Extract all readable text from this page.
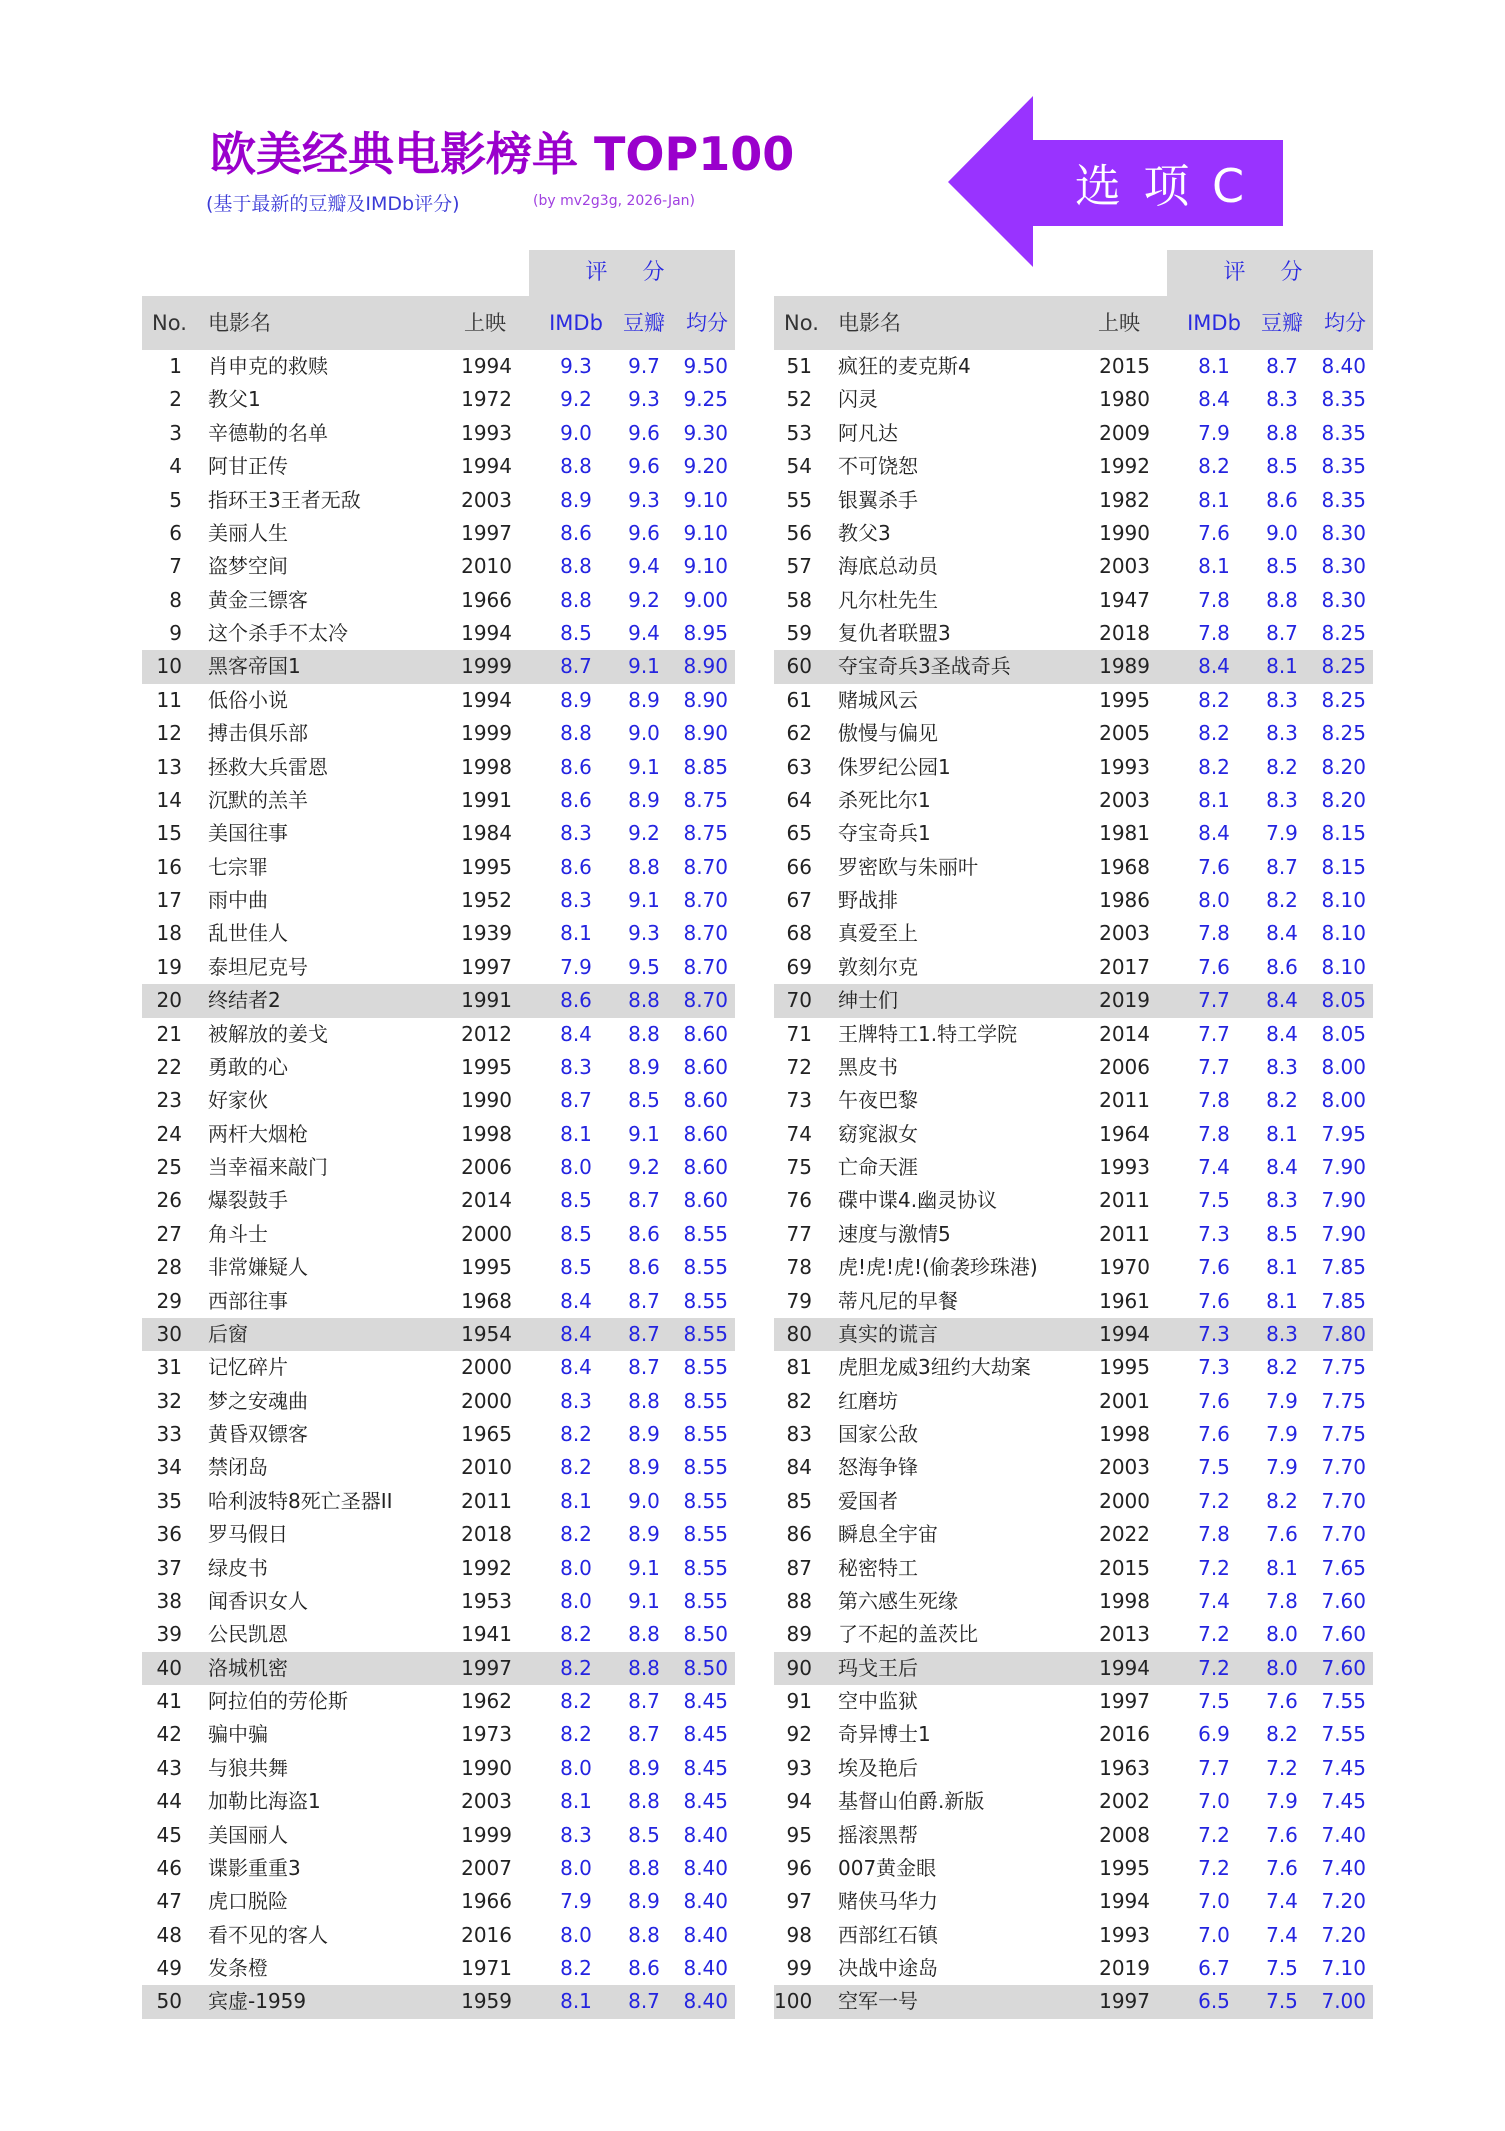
欧美经典电影榜单 TOP100
(基于最新的豆瓣及IMDb评分)	(by mv2g3g, 2026-Jan)	选 项 C
评 分
No. 电影名	上映 IMDb 豆瓣	均分
1 肖申克的救赎	1994	9.3	9.7	9.50
2 教父1	1972	9.2	9.3	9.25
3 辛德勒的名单	1993	9.0	9.6	9.30
4 阿甘正传	1994	8.8	9.6	9.20
5 指环王3王者无敌	2003	8.9	9.3	9.10
6 美丽人生	1997	8.6	9.6	9.10
7 盗梦空间	2010	8.8	9.4	9.10
8 黄金三镖客	1966	8.8	9.2	9.00
9 这个杀手不太冷	1994	8.5	9.4	8.95
10 黑客帝国1	1999	8.7	9.1	8.90
11 低俗小说	1994	8.9	8.9	8.90
12 搏击俱乐部	1999	8.8	9.0	8.90
13 拯救大兵雷恩	1998	8.6	9.1	8.85
14 沉默的羔羊	1991	8.6	8.9	8.75
15 美国往事	1984	8.3	9.2	8.75
16 七宗罪	1995	8.6	8.8	8.70
17 雨中曲	1952	8.3	9.1	8.70
18 乱世佳人	1939	8.1	9.3	8.70
19 泰坦尼克号	1997	7.9	9.5	8.70
20 终结者2	1991	8.6	8.8	8.70
21 被解放的姜戈	2012	8.4	8.8	8.60
22 勇敢的心	1995	8.3	8.9	8.60
23 好家伙	1990	8.7	8.5	8.60
24 两杆大烟枪	1998	8.1	9.1	8.60
25 当幸福来敲门	2006	8.0	9.2	8.60
26 爆裂鼓手	2014	8.5	8.7	8.60
27 角斗士	2000	8.5	8.6	8.55
28 非常嫌疑人	1995	8.5	8.6	8.55
29 西部往事	1968	8.4	8.7	8.55
30 后窗	1954	8.4	8.7	8.55
31 记忆碎片	2000	8.4	8.7	8.55
32 梦之安魂曲	2000	8.3	8.8	8.55
33 黄昏双镖客	1965	8.2	8.9	8.55
34 禁闭岛	2010	8.2	8.9	8.55
35 哈利波特8死亡圣器II	2011	8.1	9.0	8.55
36 罗马假日	2018	8.2	8.9	8.55
37 绿皮书	1992	8.0	9.1	8.55
38 闻香识女人	1953	8.0	9.1	8.55
39 公民凯恩	1941	8.2	8.8	8.50
40 洛城机密	1997	8.2	8.8	8.50
41 阿拉伯的劳伦斯	1962	8.2	8.7	8.45
42 骗中骗	1973	8.2	8.7	8.45
43 与狼共舞	1990	8.0	8.9	8.45
44 加勒比海盗1	2003	8.1	8.8	8.45
45 美国丽人	1999	8.3	8.5	8.40
46 谍影重重3	2007	8.0	8.8	8.40
47 虎口脱险	1966	7.9	8.9	8.40
48 看不见的客人	2016	8.0	8.8	8.40
49 发条橙	1971	8.2	8.6	8.40
50 宾虚-1959	1959	8.1	8.7	8.40
评 分
No. 电影名	上映 IMDb 豆瓣	均分
51 疯狂的麦克斯4	2015	8.1	8.7	8.40
52 闪灵	1980	8.4	8.3	8.35
53 阿凡达	2009	7.9	8.8	8.35
54 不可饶恕	1992	8.2	8.5	8.35
55 银翼杀手	1982	8.1	8.6	8.35
56 教父3	1990	7.6	9.0	8.30
57 海底总动员	2003	8.1	8.5	8.30
58 凡尔杜先生	1947	7.8	8.8	8.30
59 复仇者联盟3	2018	7.8	8.7	8.25
60 夺宝奇兵3圣战奇兵	1989	8.4	8.1	8.25
61 赌城风云	1995	8.2	8.3	8.25
62 傲慢与偏见	2005	8.2	8.3	8.25
63 侏罗纪公园1	1993	8.2	8.2	8.20
64 杀死比尔1	2003	8.1	8.3	8.20
65 夺宝奇兵1	1981	8.4	7.9	8.15
66 罗密欧与朱丽叶	1968	7.6	8.7	8.15
67 野战排	1986	8.0	8.2	8.10
68 真爱至上	2003	7.8	8.4	8.10
69 敦刻尔克	2017	7.6	8.6	8.10
70 绅士们	2019	7.7	8.4	8.05
71 王牌特工1.特工学院	2014	7.7	8.4	8.05
72 黑皮书	2006	7.7	8.3	8.00
73 午夜巴黎	2011	7.8	8.2	8.00
74 窈窕淑女	1964	7.8	8.1	7.95
75 亡命天涯	1993	7.4	8.4	7.90
76 碟中谍4.幽灵协议	2011	7.5	8.3	7.90
77 速度与激情5	2011	7.3	8.5	7.90
78 虎!虎!虎!(偷袭珍珠港)	1970	7.6	8.1	7.85
79 蒂凡尼的早餐	1961	7.6	8.1	7.85
80 真实的谎言	1994	7.3	8.3	7.80
81 虎胆龙威3纽约大劫案	1995	7.3	8.2	7.75
82 红磨坊	2001	7.6	7.9	7.75
83 国家公敌	1998	7.6	7.9	7.75
84 怒海争锋	2003	7.5	7.9	7.70
85 爱国者	2000	7.2	8.2	7.70
86 瞬息全宇宙	2022	7.8	7.6	7.70
87 秘密特工	2015	7.2	8.1	7.65
88 第六感生死缘	1998	7.4	7.8	7.60
89 了不起的盖茨比	2013	7.2	8.0	7.60
90 玛戈王后	1994	7.2	8.0	7.60
91 空中监狱	1997	7.5	7.6	7.55
92 奇异博士1	2016	6.9	8.2	7.55
93 埃及艳后	1963	7.7	7.2	7.45
94 基督山伯爵.新版	2002	7.0	7.9	7.45
95 摇滚黑帮	2008	7.2	7.6	7.40
96 007黄金眼	1995	7.2	7.6	7.40
97 赌侠马华力	1994	7.0	7.4	7.20
98 西部红石镇	1993	7.0	7.4	7.20
99 决战中途岛	2019	6.7	7.5	7.10
100 空军一号	1997	6.5	7.5	7.00
